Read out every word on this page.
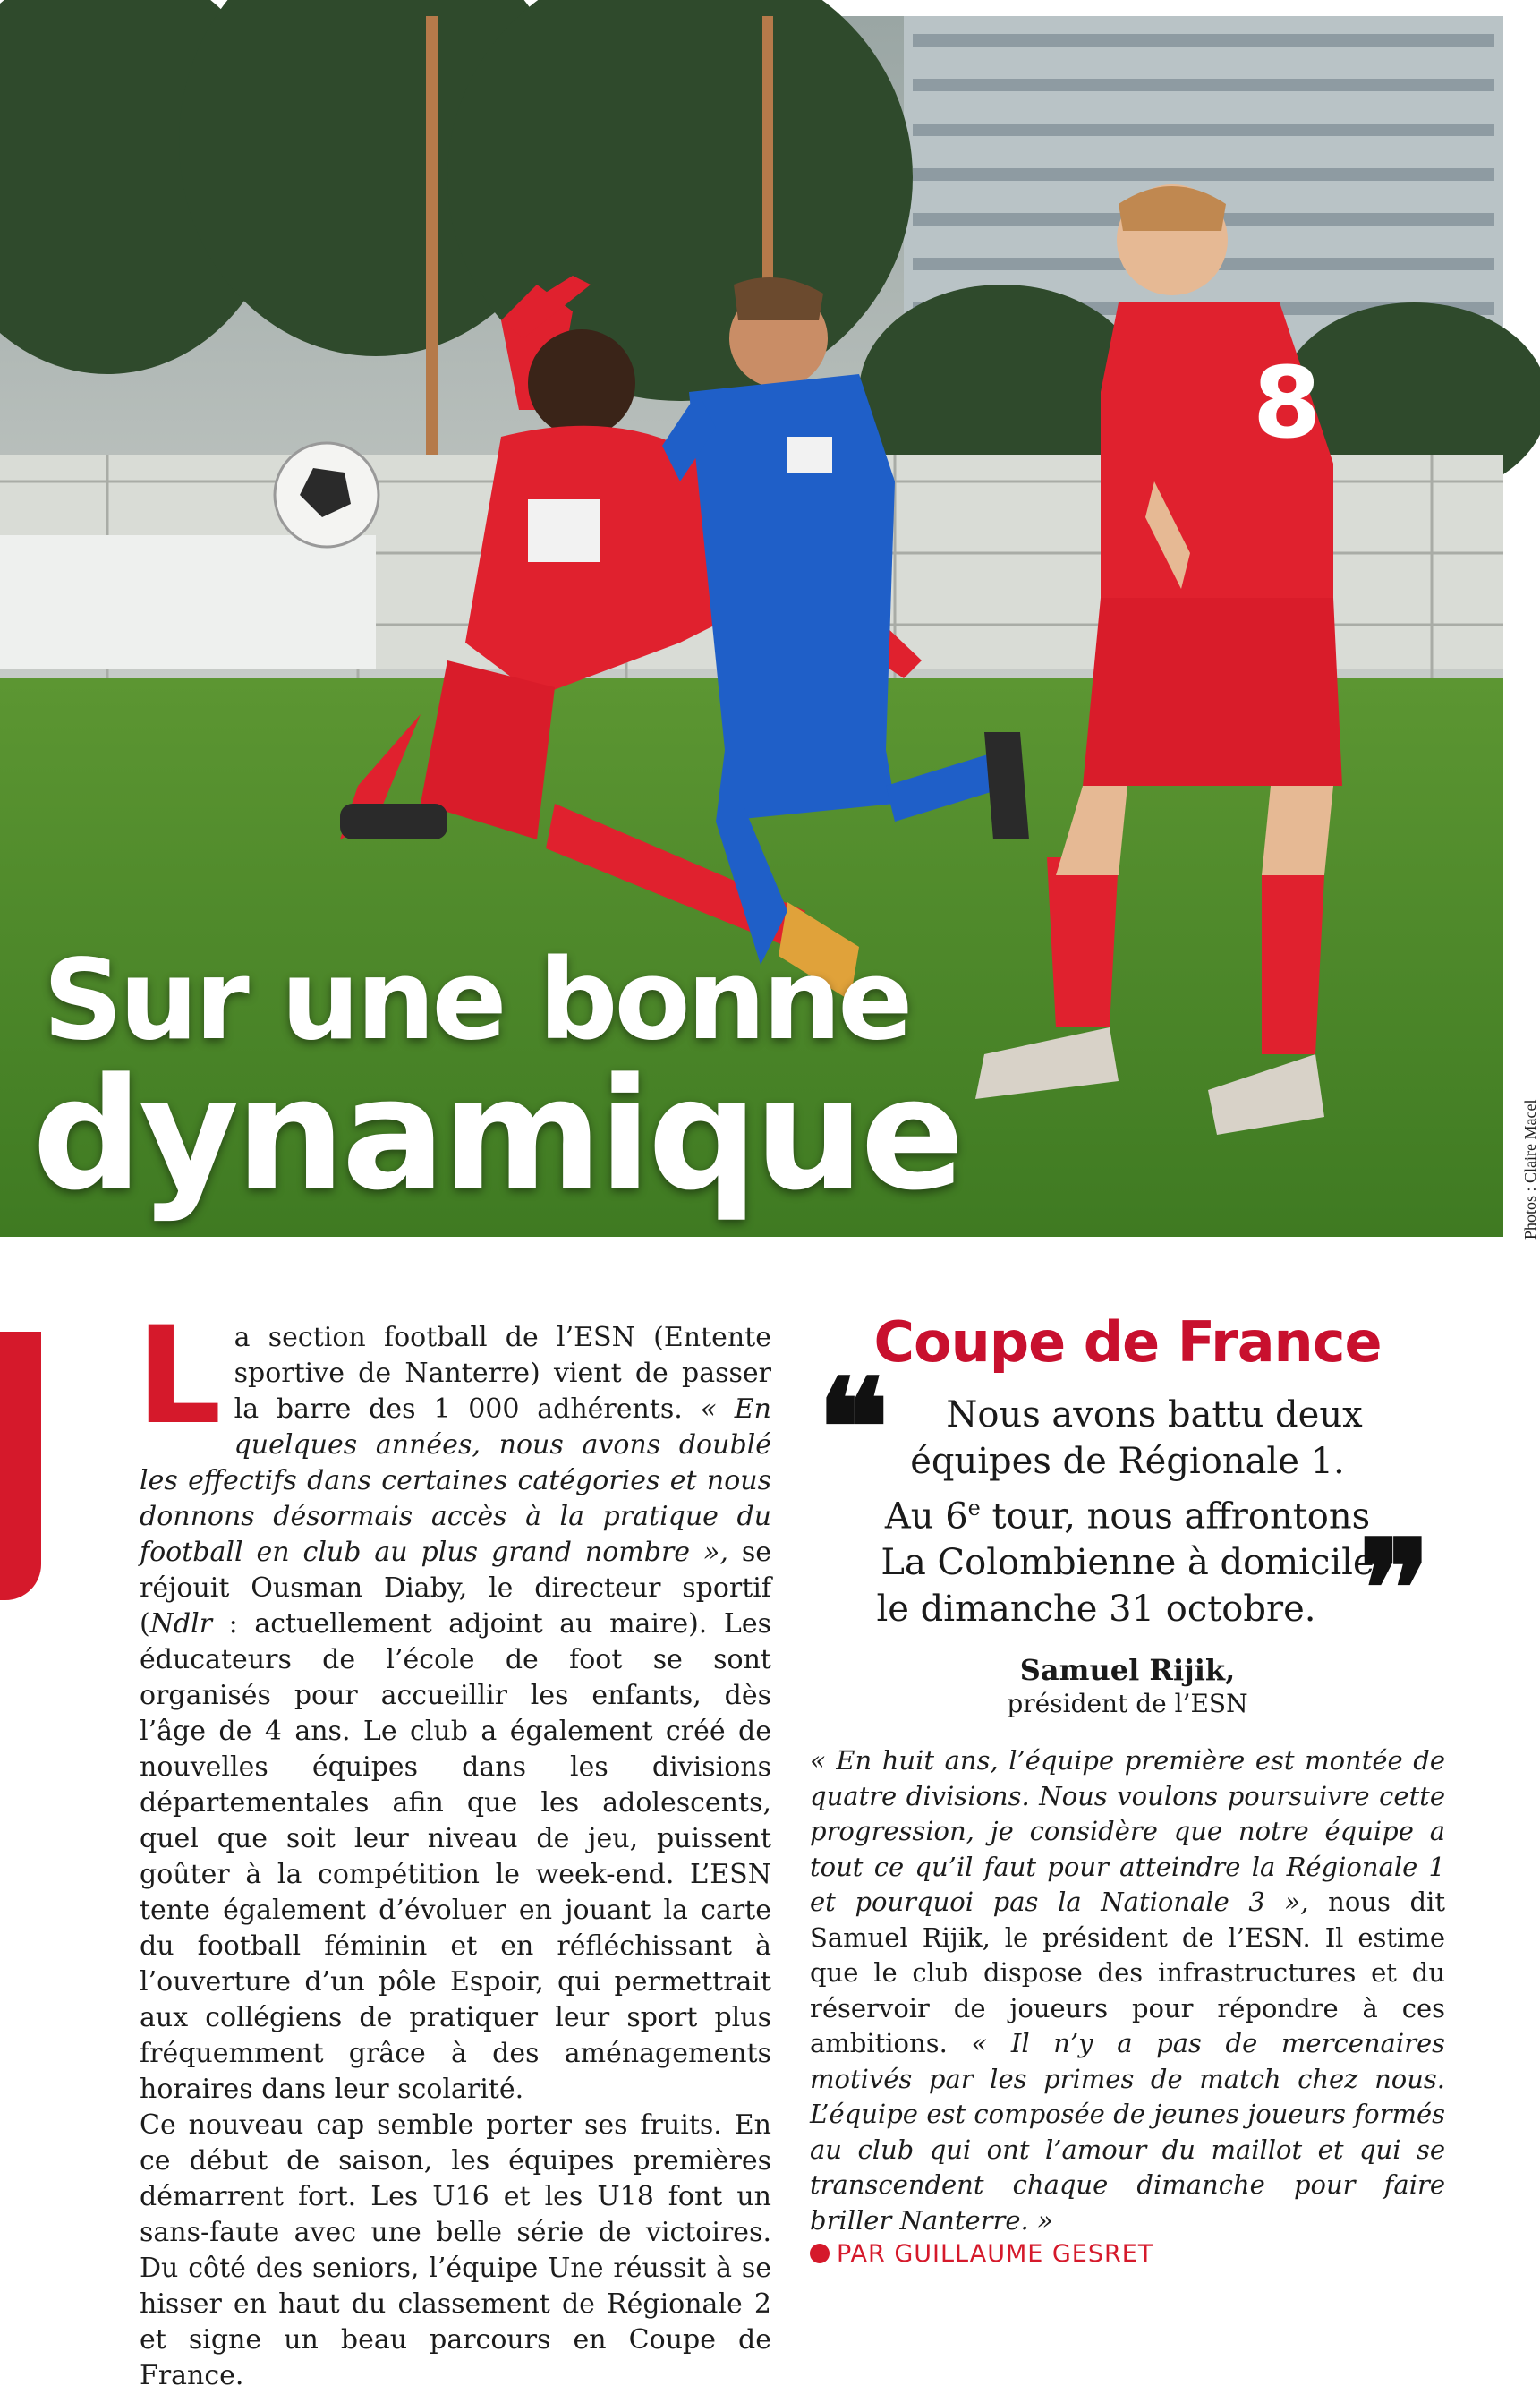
8
Sur une bonne
dynamique	Photos : Claire Macel

La section football de l’ESN (Entente sportive de Nanterre) vient de passer la barre des 1 000 adhérents. « En quelques années, nous avons doublé les effectifs dans certaines catégories et nous donnons désormais accès à la pratique du football en club au plus grand nombre », se réjouit Ousman Diaby, le directeur sportif (Ndlr : actuellement adjoint au maire). Les éducateurs de l’école de foot se sont organisés pour accueillir les enfants, dès l’âge de 4 ans. Le club a également créé de nouvelles équipes dans les divisions départementales afin que les adolescents, quel que soit leur niveau de jeu, puissent goûter à la compétition le week-end. L’ESN tente également d’évoluer en jouant la carte du football féminin et en réfléchissant à l’ouverture d’un pôle Espoir, qui permettrait aux collégiens de pratiquer leur sport plus fréquemment grâce à des aménagements horaires dans leur scolarité.

Ce nouveau cap semble porter ses fruits. En ce début de saison, les équipes premières démarrent fort. Les U16 et les U18 font un sans-faute avec une belle série de victoires. Du côté des seniors, l’équipe Une réussit à se hisser en haut du classement de Régionale 2 et signe un beau parcours en Coupe de France.

Coupe de France
❝	Nous avons battu deux
équipes de Régionale 1.
Au 6e tour, nous affrontons
La Colombienne à domicile
le dimanche 31 octobre. ❞

Samuel Rijik,

président de l’ESN

« En huit ans, l’équipe première est montée de quatre divisions. Nous voulons poursuivre cette progression, je considère que notre équipe a tout ce qu’il faut pour atteindre la Régionale 1 et pourquoi pas la Nationale 3 », nous dit Samuel Rijik, le président de l’ESN. Il estime que le club dispose des infrastructures et du réservoir de joueurs pour répondre à ces ambitions. « Il n’y a pas de mercenaires motivés par les primes de match chez nous. L’équipe est composée de jeunes joueurs formés au club qui ont l’amour du maillot et qui se transcendent chaque dimanche pour faire briller Nanterre. »

PAR GUILLAUME GESRET
